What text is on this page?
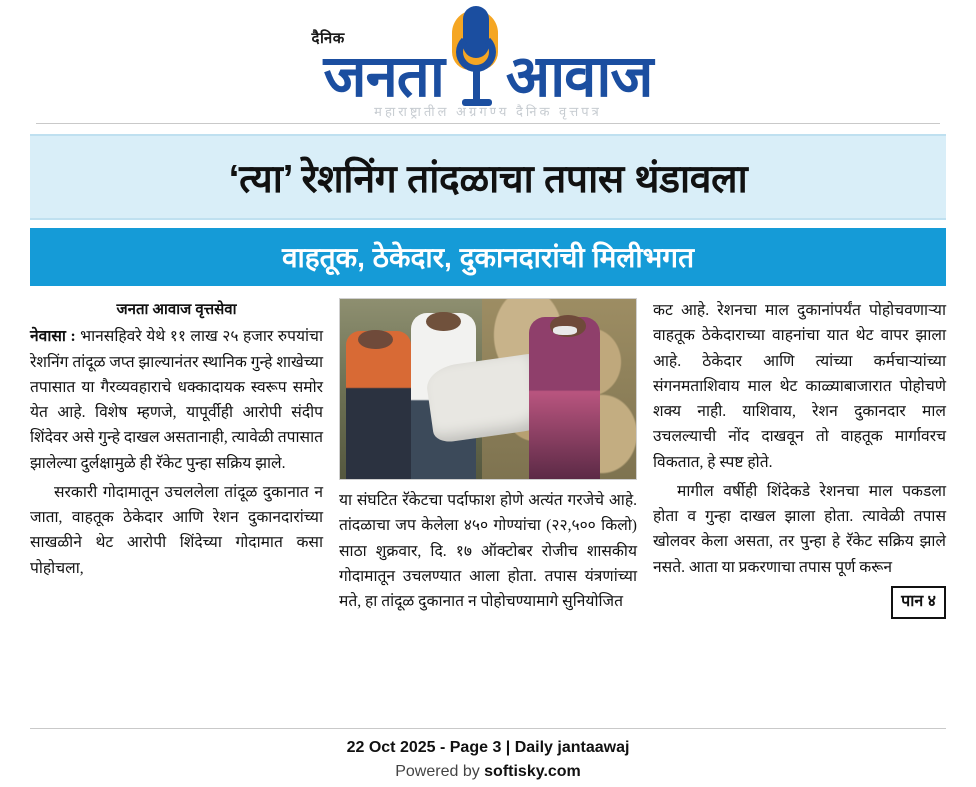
दैनिक
जनता आवाज
महाराष्ट्रातील अग्रगण्य दैनिक वृत्तपत्र
‘त्या’ रेशनिंग तांदळाचा तपास थंडावला
वाहतूक, ठेकेदार, दुकानदारांची मिलीभगत
जनता आवाज वृत्तसेवा

नेवासा : भानसहिवरे येथे ११ लाख २५ हजार रुपयांचा रेशनिंग तांदूळ जप्त झाल्यानंतर स्थानिक गुन्हे शाखेच्या तपासात या गैरव्यवहाराचे धक्कादायक स्वरूप समोर येत आहे. विशेष म्हणजे, यापूर्वीही आरोपी संदीप शिंदेवर असे गुन्हे दाखल असतानाही, त्यावेळी तपासात झालेल्या दुर्लक्षामुळे ही रॅकेट पुन्हा सक्रिय झाले.

सरकारी गोदामातून उचललेला तांदूळ दुकानात न जाता, वाहतूक ठेकेदार आणि रेशन दुकानदारांच्या साखळीने थेट आरोपी शिंदेच्या गोदामात कसा पोहोचला,

या संघटित रॅकेटचा पर्दाफाश होणे अत्यंत गरजेचे आहे. तांदळाचा जप केलेला ४५० गोण्यांचा (२२,५०० किलो) साठा शुक्रवार, दि. १७ ऑक्टोबर रोजीच शासकीय गोदामातून उचलण्यात आला होता. तपास यंत्रणांच्या मते, हा तांदूळ दुकानात न पोहोचण्यामागे सुनियोजित

कट आहे. रेशनचा माल दुकानांपर्यंत पोहोचवणाऱ्या वाहतूक ठेकेदाराच्या वाहनांचा यात थेट वापर झाला आहे. ठेकेदार आणि त्यांच्या कर्मचाऱ्यांच्या संगनमताशिवाय माल थेट काळ्याबाजारात पोहोचणे शक्य नाही. याशिवाय, रेशन दुकानदार माल उचलल्याची नोंद दाखवून तो वाहतूक मार्गावरच विकतात, हे स्पष्ट होते.

मागील वर्षीही शिंदेकडे रेशनचा माल पकडला होता व गुन्हा दाखल झाला होता. त्यावेळी तपास खोलवर केला असता, तर पुन्हा हे रॅकेट सक्रिय झाले नसते. आता या प्रकरणाचा तपास पूर्ण करून

पान ४
22 Oct 2025 - Page 3 | Daily jantaawaj
Powered by softisky.com
